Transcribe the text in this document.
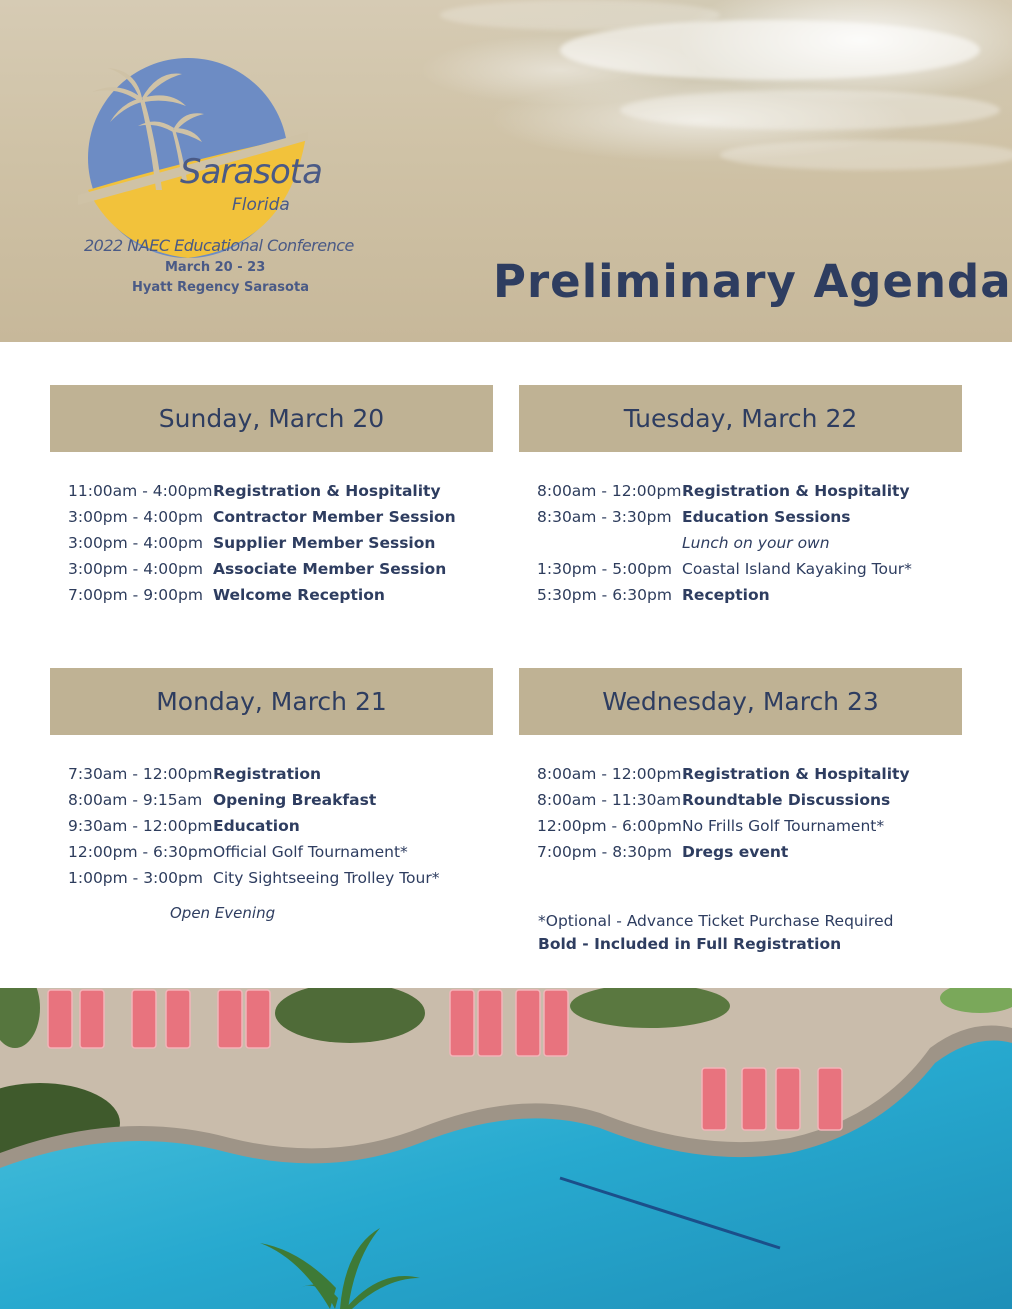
Sarasota
Florida
2022 NAEC Educational Conference
March 20 - 23
Hyatt Regency Sarasota	Preliminary Agenda
Sunday, March 20
11:00am - 4:00pm Registration & Hospitality
3:00pm - 4:00pm Contractor Member Session
3:00pm - 4:00pm Supplier Member Session
3:00pm - 4:00pm Associate Member Session
7:00pm - 9:00pm Welcome Reception
Tuesday, March 22
8:00am - 12:00pm Registration & Hospitality
8:30am - 3:30pm Education Sessions
Lunch on your own
1:30pm - 5:00pm Coastal Island Kayaking Tour*
5:30pm - 6:30pm Reception
Monday, March 21
7:30am - 12:00pm Registration
8:00am - 9:15am Opening Breakfast
9:30am - 12:00pm Education
12:00pm - 6:30pm Official Golf Tournament*
1:00pm - 3:00pm City Sightseeing Trolley Tour*
Open Evening
Wednesday, March 23
8:00am - 12:00pm Registration & Hospitality
8:00am - 11:30am Roundtable Discussions
12:00pm - 6:00pm No Frills Golf Tournament*
7:00pm - 8:30pm Dregs event
*Optional - Advance Ticket Purchase Required
Bold - Included in Full Registration
